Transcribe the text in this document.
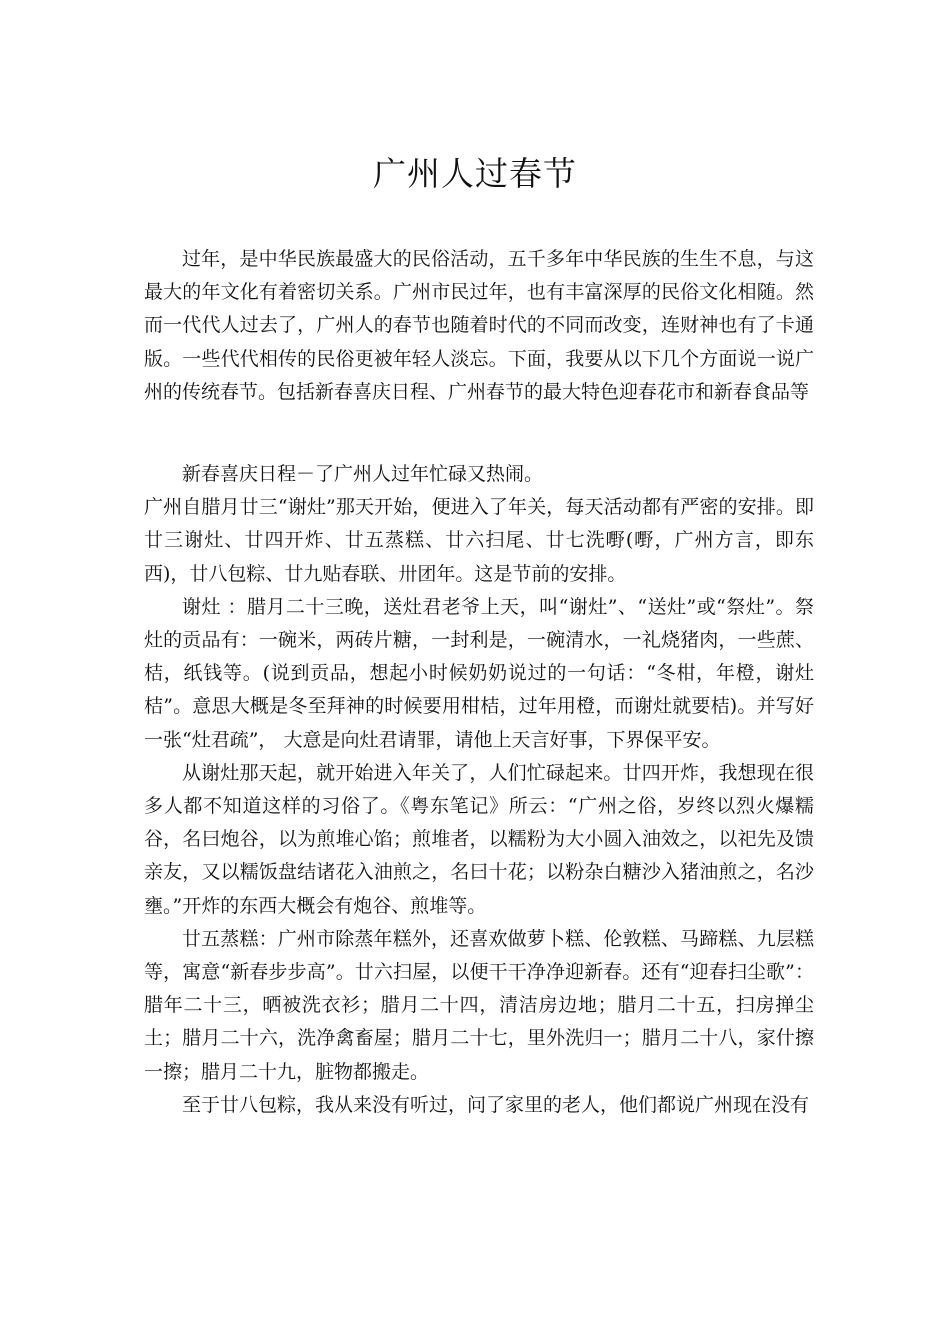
广州人过春节

过年，是中华民族最盛大的民俗活动，五千多年中华民族的生生不息，与这最大的年文化有着密切关系。广州市民过年，也有丰富深厚的民俗文化相随。然而一代代人过去了，广州人的春节也随着时代的不同而改变，连财神也有了卡通版。一些代代相传的民俗更被年轻人淡忘。下面，我要从以下几个方面说一说广州的传统春节。包括新春喜庆日程、广州春节的最大特色迎春花市和新春食品等

新春喜庆日程－了广州人过年忙碌又热闹。

广州自腊月廿三“谢灶”那天开始，便进入了年关，每天活动都有严密的安排。即廿三谢灶、廿四开炸、廿五蒸糕、廿六扫尾、廿七洗嘢(嘢，广州方言，即东西)，廿八包粽、廿九贴春联、卅团年。这是节前的安排。

谢灶 ：腊月二十三晚，送灶君老爷上天，叫“谢灶”、“送灶”或“祭灶”。祭灶的贡品有：一碗米，两砖片糖，一封利是，一碗清水，一礼烧猪肉，一些蔗、桔，纸钱等。(说到贡品，想起小时候奶奶说过的一句话：“冬柑，年橙，谢灶桔”。意思大概是冬至拜神的时候要用柑桔，过年用橙，而谢灶就要桔)。并写好一张“灶君疏”， 大意是向灶君请罪，请他上天言好事，下界保平安。

从谢灶那天起，就开始进入年关了，人们忙碌起来。廿四开炸，我想现在很多人都不知道这样的习俗了。《粤东笔记》所云：“广州之俗，岁终以烈火爆糯谷，名曰炮谷，以为煎堆心馅；煎堆者，以糯粉为大小圆入油效之，以祀先及馈亲友，又以糯饭盘结诸花入油煎之，名曰十花；以粉杂白糖沙入猪油煎之，名沙壅。”开炸的东西大概会有炮谷、煎堆等。

廿五蒸糕：广州市除蒸年糕外，还喜欢做萝卜糕、伦敦糕、马蹄糕、九层糕等，寓意“新春步步高”。廿六扫屋，以便干干净净迎新春。还有“迎春扫尘歌”：腊年二十三，晒被洗衣衫；腊月二十四，清洁房边地；腊月二十五，扫房掸尘土；腊月二十六，洗净禽畜屋；腊月二十七，里外洗归一；腊月二十八，家什擦一擦；腊月二十九，脏物都搬走。

至于廿八包粽，我从来没有听过，问了家里的老人，他们都说广州现在没有
